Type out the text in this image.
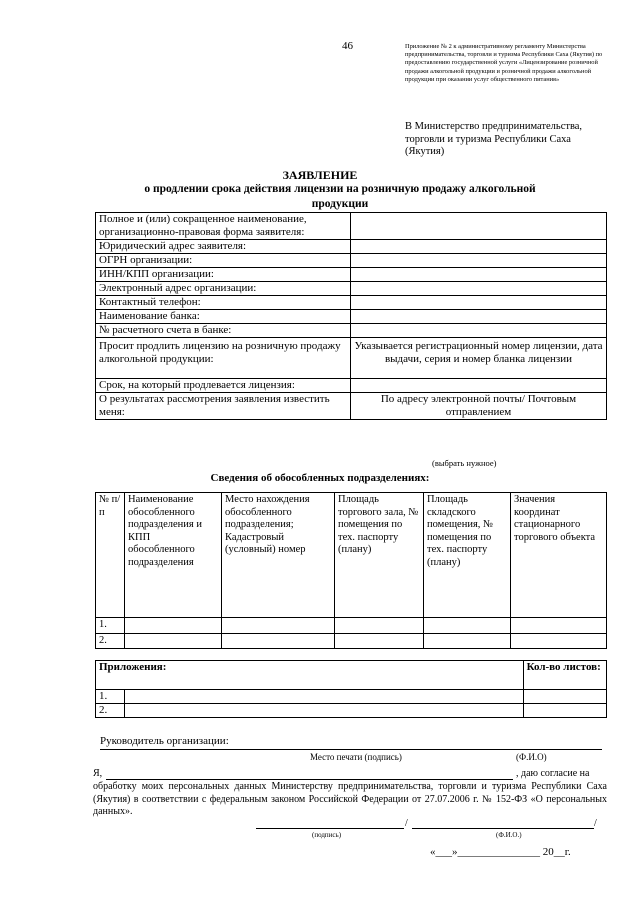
46	Приложение № 2 к административному регламенту Министерства предпринимательства, торговли и туризма Республики Саха (Якутия) по предоставлению государственной услуги «Лицензирование розничной продажи алкогольной продукции и розничной продажи алкогольной продукции при оказании услуг общественного питания»
В Министерство предпринимательства, торговли и туризма Республики Саха (Якутия)
ЗАЯВЛЕНИЕ
о продлении срока действия лицензии на розничную продажу алкогольной продукции
Полное и (или) сокращенное наименование, организационно-правовая форма заявителя:	
Юридический адрес заявителя:	
ОГРН организации:	
ИНН/КПП организации:	
Электронный адрес организации:	
Контактный телефон:	
Наименование банка:	
№ расчетного счета в банке:	
Просит продлить лицензию на розничную продажу алкогольной продукции:	Указывается регистрационный номер лицензии, дата выдачи, серия и номер бланка лицензии
Срок, на который продлевается лицензия:	
О результатах рассмотрения заявления известить меня:	По адресу электронной почты/ Почтовым отправлением
(выбрать нужное)
Сведения об обособленных подразделениях:
№ п/п	Наименование обособленного подразделения и КПП обособленного подразделения	Место нахождения обособленного подразделения; Кадастровый (условный) номер	Площадь торгового зала, № помещения по тех. паспорту (плану)	Площадь складского помещения, № помещения по тех. паспорту (плану)	Значения координат стационарного торгового объекта
1.					
2.					
Приложения:		Кол-во листов:
1.		
2.		
Руководитель организации:
Место печати (подпись)	(Ф.И.О)
Я,	, даю согласие на
обработку моих персональных данных Министерству предпринимательства, торговли и туризма Республики Саха (Якутия) в соответствии с федеральным законом Российской Федерации от 27.07.2006 г. № 152-ФЗ «О персональных данных».
/	/
(подпись)	(Ф.И.О.)
«___»_______________ 20__г.
